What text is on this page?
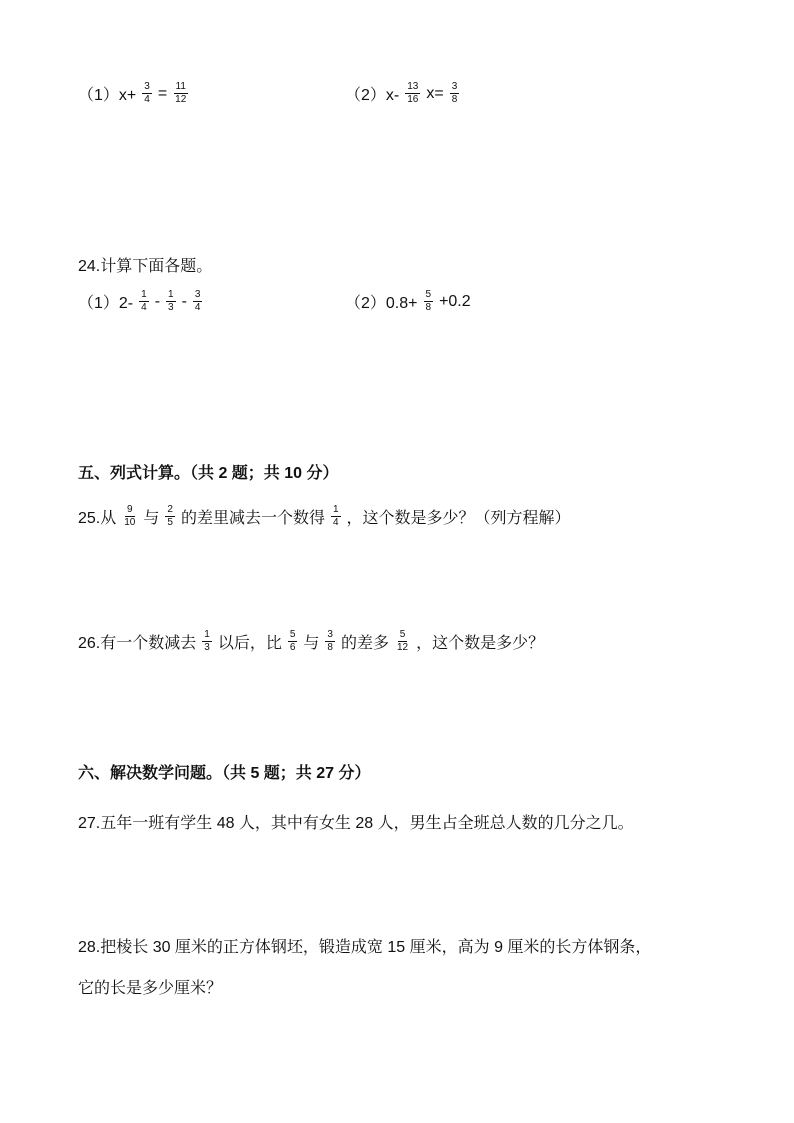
$(1)x+ \frac{3}{4} = \frac{11}{12}$	$(2)x- \frac{13}{16} x= \frac{3}{8}$
24.计算下面各题。
$(1)2- \frac{1}{4} - \frac{1}{3} - \frac{3}{4}$	$(2)0.8+ \frac{5}{8} +0.2$
五、列式计算。（共 2 题；共 10 分）
25.从 $\frac{9}{10}$ 与 $\frac{2}{5}$ 的差里减去一个数得 $\frac{1}{4}$ ，这个数是多少？（列方程解）
26.有一个数减去 $\frac{1}{3}$ 以后，比 $\frac{5}{6}$ 与 $\frac{3}{8}$ 的差多 $\frac{5}{12}$ ，这个数是多少？
六、解决数学问题。（共 5 题；共 27 分）
27.五年一班有学生 48 人，其中有女生 28 人，男生占全班总人数的几分之几。
28.把棱长 30 厘米的正方体钢坯，锻造成宽 15 厘米，高为 9 厘米的长方体钢条，
它的长是多少厘米？
